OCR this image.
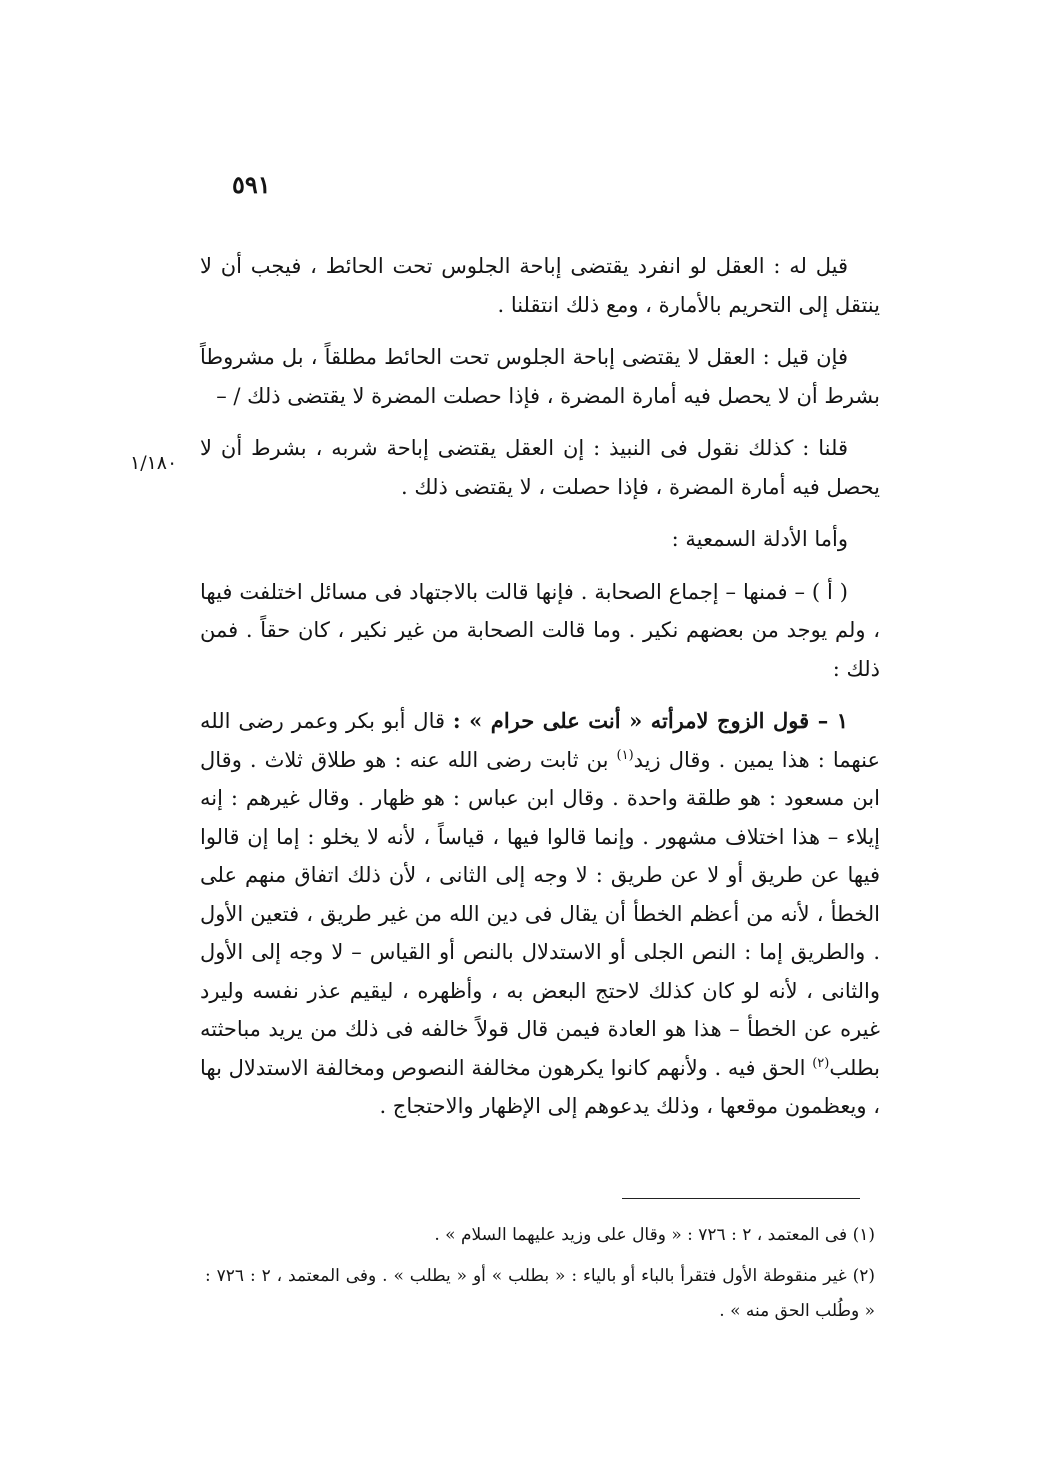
٥٩١
١/١٨٠

قيل له : العقل لو انفرد يقتضى إباحة الجلوس تحت الحائط ، فيجب أن لا ينتقل إلى التحريم بالأمارة ، ومع ذلك انتقلنا .

فإن قيل : العقل لا يقتضى إباحة الجلوس تحت الحائط مطلقاً ، بل مشروطاً بشرط أن لا يحصل فيه أمارة المضرة ، فإذا حصلت المضرة لا يقتضى ذلك / –

قلنا : كذلك نقول فى النبيذ : إن العقل يقتضى إباحة شربه ، بشرط أن لا يحصل فيه أمارة المضرة ، فإذا حصلت ، لا يقتضى ذلك .

وأما الأدلة السمعية :

( أ ) – فمنها – إجماع الصحابة . فإنها قالت بالاجتهاد فى مسائل اختلفت فيها ، ولم يوجد من بعضهم نكير . وما قالت الصحابة من غير نكير ، كان حقاً . فمن ذلك :

١ – قول الزوج لامرأته « أنت على حرام » : قال أبو بكر وعمر رضى الله عنهما : هذا يمين . وقال زيد$^{(١)}$ بن ثابت رضى الله عنه : هو طلاق ثلاث . وقال ابن مسعود : هو طلقة واحدة . وقال ابن عباس : هو ظهار . وقال غيرهم : إنه إيلاء – هذا اختلاف مشهور . وإنما قالوا فيها ، قياساً ، لأنه لا يخلو : إما إن قالوا فيها عن طريق أو لا عن طريق : لا وجه إلى الثانى ، لأن ذلك اتفاق منهم على الخطأ ، لأنه من أعظم الخطأ أن يقال فى دين الله من غير طريق ، فتعين الأول . والطريق إما : النص الجلى أو الاستدلال بالنص أو القياس – لا وجه إلى الأول والثانى ، لأنه لو كان كذلك لاحتج البعض به ، وأظهره ، ليقيم عذر نفسه وليرد غيره عن الخطأ – هذا هو العادة فيمن قال قولاً خالفه فى ذلك من يريد مباحثته بطلب$^{(٢)}$ الحق فيه . ولأنهم كانوا يكرهون مخالفة النصوص ومخالفة الاستدلال بها ، ويعظمون موقعها ، وذلك يدعوهم إلى الإظهار والاحتجاج .

(١) فى المعتمد ، ٢ : ٧٢٦ : « وقال على وزيد عليهما السلام » .

(٢) غير منقوطة الأول فتقرأ بالباء أو بالياء : « بطلب » أو « يطلب » . وفى المعتمد ، ٢ : ٧٢٦ : « وطُلب الحق منه » .
